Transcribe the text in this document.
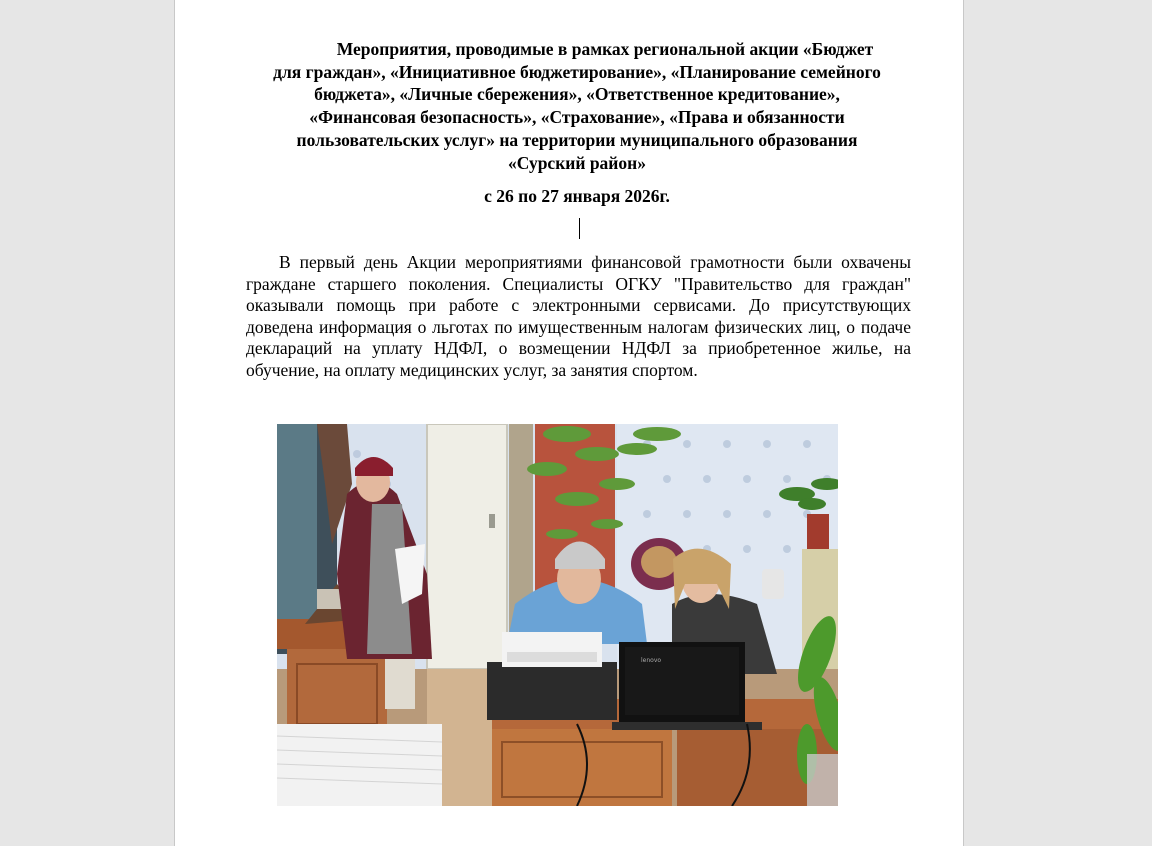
Мероприятия, проводимые в рамках региональной акции «Бюджет
для граждан», «Инициативное бюджетирование», «Планирование семейного
бюджета», «Личные сбережения», «Ответственное кредитование»,
«Финансовая безопасность», «Страхование», «Права и обязанности
пользовательских услуг» на территории муниципального образования
«Сурский район»
с 26 по 27 января 2026г.

В первый день Акции мероприятиями финансовой грамотности были охвачены граждане старшего поколения. Специалисты ОГКУ "Правительство для граждан" оказывали помощь при работе с электронными сервисами. До присутствующих доведена информация о льготах по имущественным налогам физических лиц, о подаче деклараций на уплату НДФЛ, о возмещении НДФЛ за приобретенное жилье, на обучение, на оплату медицинских услуг, за занятия спортом.

lenovo
